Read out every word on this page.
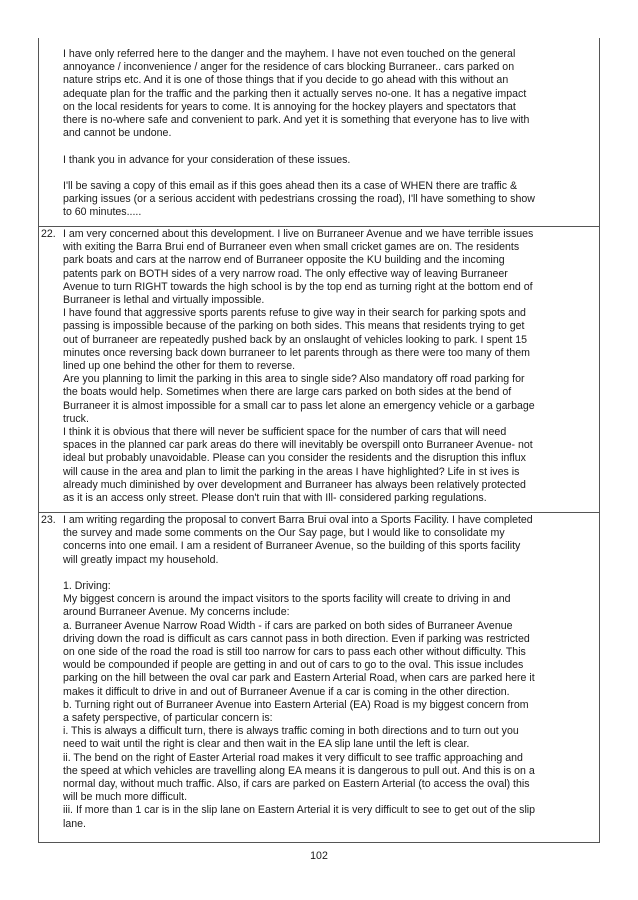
I have only referred here to the danger and the mayhem. I have not even touched on the general

annoyance / inconvenience / anger for the residence of cars blocking Burraneer.. cars parked on

nature strips etc. And it is one of those things that if you decide to go ahead with this without an

adequate plan for the traffic and the parking then it actually serves no-one. It has a negative impact

on the local residents for years to come. It is annoying for the hockey players and spectators that

there is no-where safe and convenient to park. And yet it is something that everyone has to live with

and cannot be undone.

I thank you in advance for your consideration of these issues.

I'll be saving a copy of this email as if this goes ahead then its a case of WHEN there are traffic &

parking issues (or a serious accident with pedestrians crossing the road), I'll have something to show

to 60 minutes.....

22. I am very concerned about this development. I live on Burraneer Avenue and we have terrible issues

with exiting the Barra Brui end of Burraneer even when small cricket games are on. The residents

park boats and cars at the narrow end of Burraneer opposite the KU building and the incoming

patents park on BOTH sides of a very narrow road. The only effective way of leaving Burraneer

Avenue to turn RIGHT towards the high school is by the top end as turning right at the bottom end of

Burraneer is lethal and virtually impossible.

I have found that aggressive sports parents refuse to give way in their search for parking spots and

passing is impossible because of the parking on both sides. This means that residents trying to get

out of burraneer are repeatedly pushed back by an onslaught of vehicles looking to park. I spent 15

minutes once reversing back down burraneer to let parents through as there were too many of them

lined up one behind the other for them to reverse.

Are you planning to limit the parking in this area to single side? Also mandatory off road parking for

the boats would help. Sometimes when there are large cars parked on both sides at the bend of

Burraneer it is almost impossible for a small car to pass let alone an emergency vehicle or a garbage

truck.

I think it is obvious that there will never be sufficient space for the number of cars that will need

spaces in the planned car park areas do there will inevitably be overspill onto Burraneer Avenue- not

ideal but probably unavoidable. Please can you consider the residents and the disruption this influx

will cause in the area and plan to limit the parking in the areas I have highlighted? Life in st ives is

already much diminished by over development and Burraneer has always been relatively protected

as it is an access only street. Please don't ruin that with Ill- considered parking regulations.

23. I am writing regarding the proposal to convert Barra Brui oval into a Sports Facility. I have completed

the survey and made some comments on the Our Say page, but I would like to consolidate my

concerns into one email. I am a resident of Burraneer Avenue, so the building of this sports facility

will greatly impact my household.

1. Driving:

My biggest concern is around the impact visitors to the sports facility will create to driving in and

around Burraneer Avenue. My concerns include:

a. Burraneer Avenue Narrow Road Width - if cars are parked on both sides of Burraneer Avenue

driving down the road is difficult as cars cannot pass in both direction. Even if parking was restricted

on one side of the road the road is still too narrow for cars to pass each other without difficulty. This

would be compounded if people are getting in and out of cars to go to the oval. This issue includes

parking on the hill between the oval car park and Eastern Arterial Road, when cars are parked here it

makes it difficult to drive in and out of Burraneer Avenue if a car is coming in the other direction.

b. Turning right out of Burraneer Avenue into Eastern Arterial (EA) Road is my biggest concern from

a safety perspective, of particular concern is:

i. This is always a difficult turn, there is always traffic coming in both directions and to turn out you

need to wait until the right is clear and then wait in the EA slip lane until the left is clear.

ii. The bend on the right of Easter Arterial road makes it very difficult to see traffic approaching and

the speed at which vehicles are travelling along EA means it is dangerous to pull out. And this is on a

normal day, without much traffic. Also, if cars are parked on Eastern Arterial (to access the oval) this

will be much more difficult.

iii. If more than 1 car is in the slip lane on Eastern Arterial it is very difficult to see to get out of the slip

lane.

102
